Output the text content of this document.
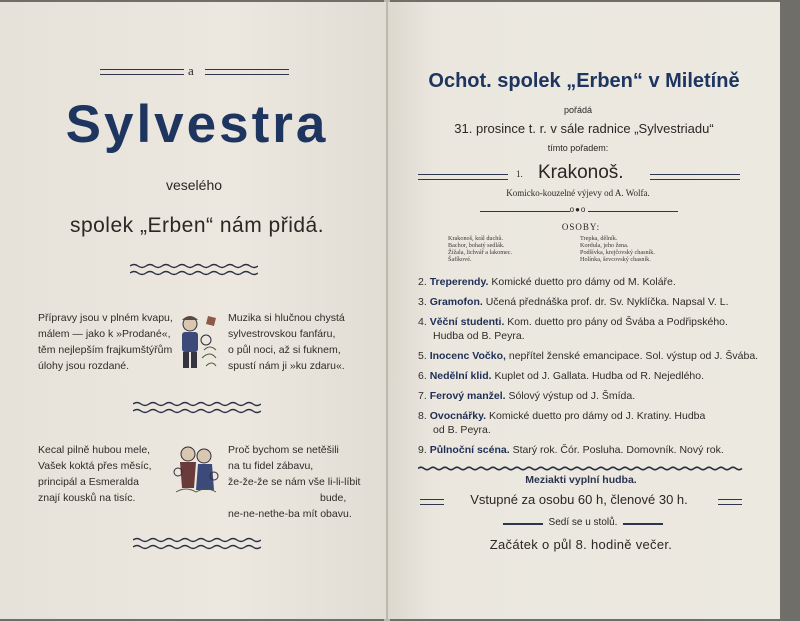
a
Sylvestra
veselého
spolek „Erben“ nám přidá.
Přípravy jsou v plném kvapu,
málem — jako k »Prodané«,
těm nejlepším frajkumštýřům
úlohy jsou rozdané.
Muzika si hlučnou chystá
sylvestrovskou fanfáru,
o půl noci, až si fuknem,
spustí nám ji »ku zdaru«.
Kecal pilně hubou mele,
Vašek koktá přes měsíc,
principál a Esmeralda
znají kousků na tisíc.
Proč bychom se netěšili
na tu fidel zábavu,
že-že-že se nám vše li-li-líbit
bude,
ne-ne-nethe-ba mít obavu.
Ochot. spolek „Erben“ v Miletíně
pořádá
31. prosince t. r. v sále radnice „Sylvestriadu“
tímto pořadem:
1. Krakonoš.
Komicko-kouzelné výjevy od A. Wolfa.
o●o
OSOBY:
Krakonoš, král duchů.
Bachor, bohatý sedlák.
Žížala, lichvář a lakomec.
Šafíkové.
Trepka, dělník.
Kordula, jeho žena.
Podšívka, krejčovský chasník.
Holínka, ševcovský chasník.
2. Treperendy. Komické duetto pro dámy od M. Kolářе.
3. Gramofon. Učená přednáška prof. dr. Sv. Nyklíčka. Napsal V. L.
4. Věční studenti. Kom. duetto pro pány od Švába a Podřipského.
Hudba od B. Peyra.
5. Inocenc Vočko, nepřítel ženské emancipace. Sol. výstup od J. Švába.
6. Nedělní klid. Kuplet od J. Gallata. Hudba od R. Nejedlého.
7. Ferový manžel. Sólový výstup od J. Šmída.
8. Ovocnářky. Komické duetto pro dámy od J. Kratiny. Hudba
od B. Peyra.
9. Půlnoční scéna. Starý rok. Čór. Posluha. Domovník. Nový rok.
Meziakti vyplní hudba.
Vstupné za osobu 60 h, členové 30 h.
Sedí se u stolů.
Začátek o půl 8. hodině večer.
